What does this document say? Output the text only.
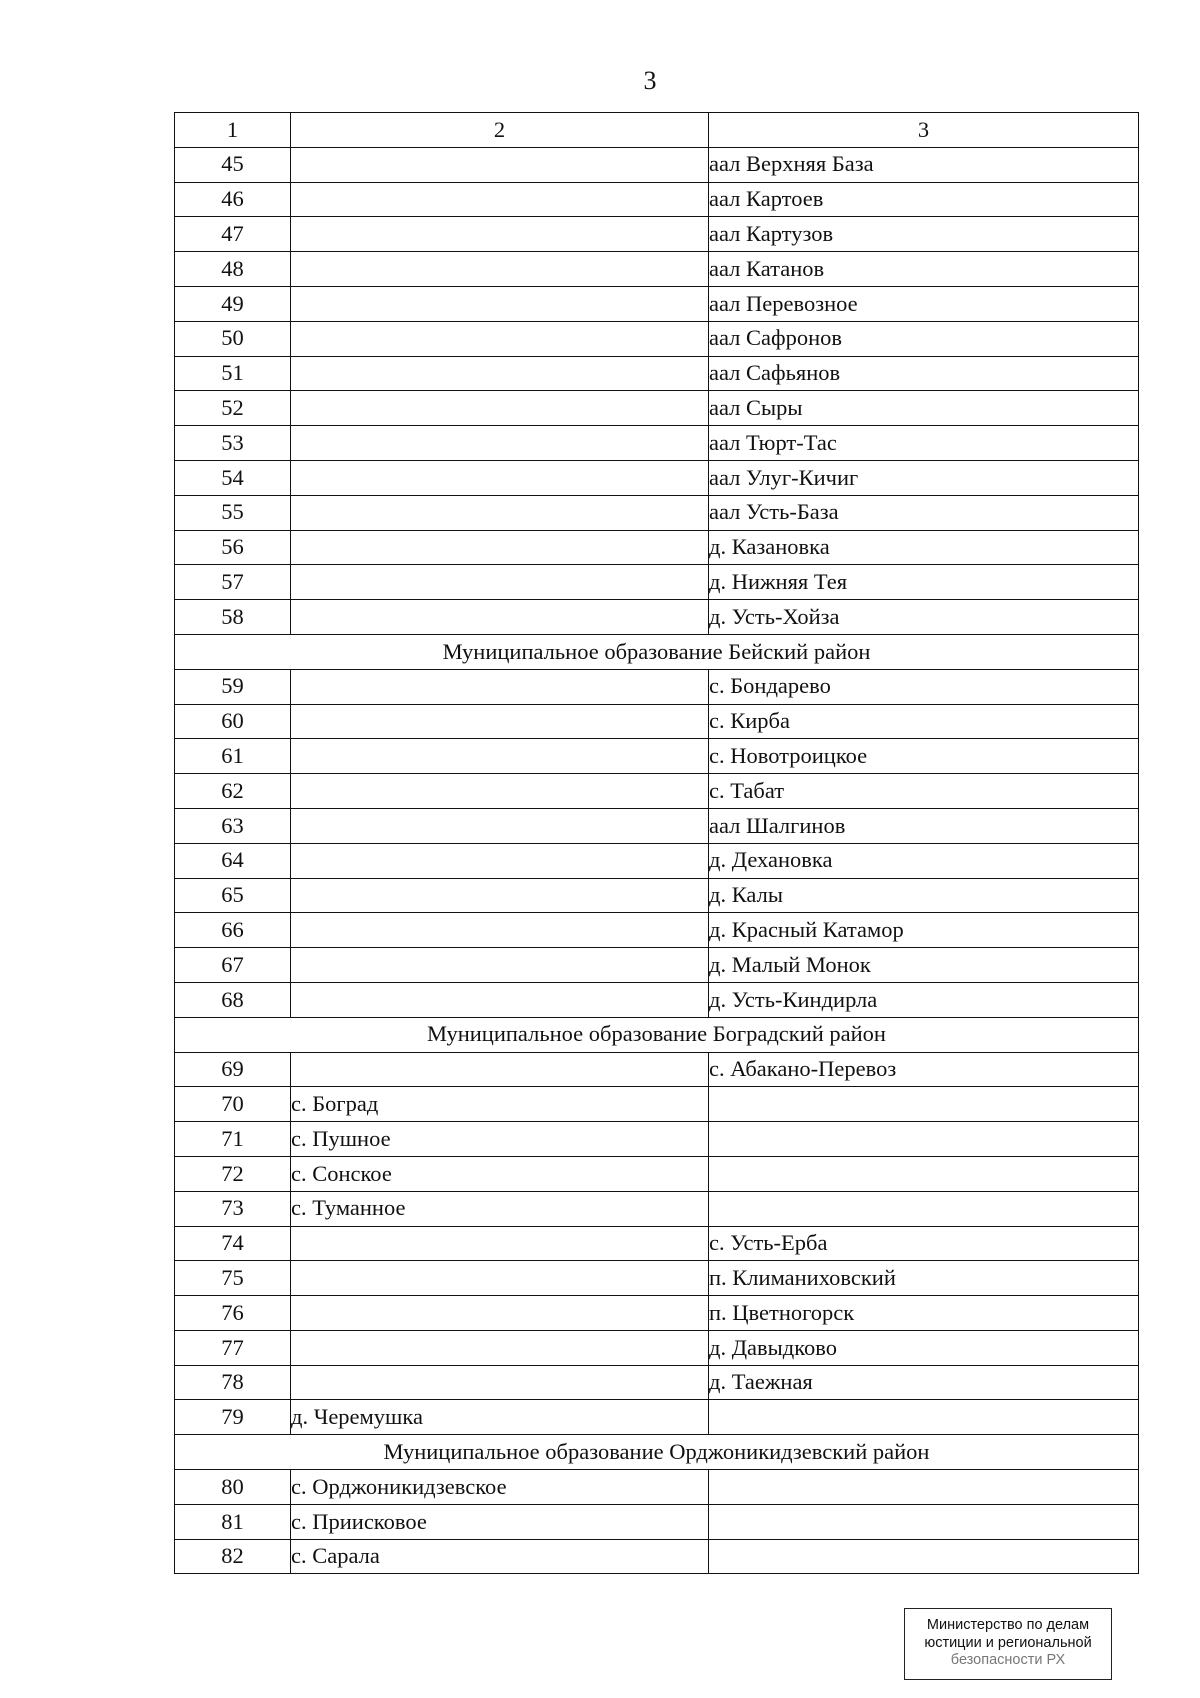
3
1	2	3
45		аал Верхняя База
46		аал Картоев
47		аал Картузов
48		аал Катанов
49		аал Перевозное
50		аал Сафронов
51		аал Сафьянов
52		аал Сыры
53		аал Тюрт-Тас
54		аал Улуг-Кичиг
55		аал Усть-База
56		д. Казановка
57		д. Нижняя Тея
58		д. Усть-Хойза
Муниципальное образование Бейский район		
59		с. Бондарево
60		с. Кирба
61		с. Новотроицкое
62		с. Табат
63		аал Шалгинов
64		д. Дехановка
65		д. Калы
66		д. Красный Катамор
67		д. Малый Монок
68		д. Усть-Киндирла
Муниципальное образование Боградский район		
69		с. Абакано-Перевоз
70	с. Боград	
71	с. Пушное	
72	с. Сонское	
73	с. Туманное	
74		с. Усть-Ерба
75		п. Климаниховский
76		п. Цветногорск
77		д. Давыдково
78		д. Таежная
79	д. Черемушка	
Муниципальное образование Орджоникидзевский район		
80	с. Орджоникидзевское	
81	с. Приисковое	
82	с. Сарала	
Министерство по делам
юстиции и региональной
безопасности РХ
